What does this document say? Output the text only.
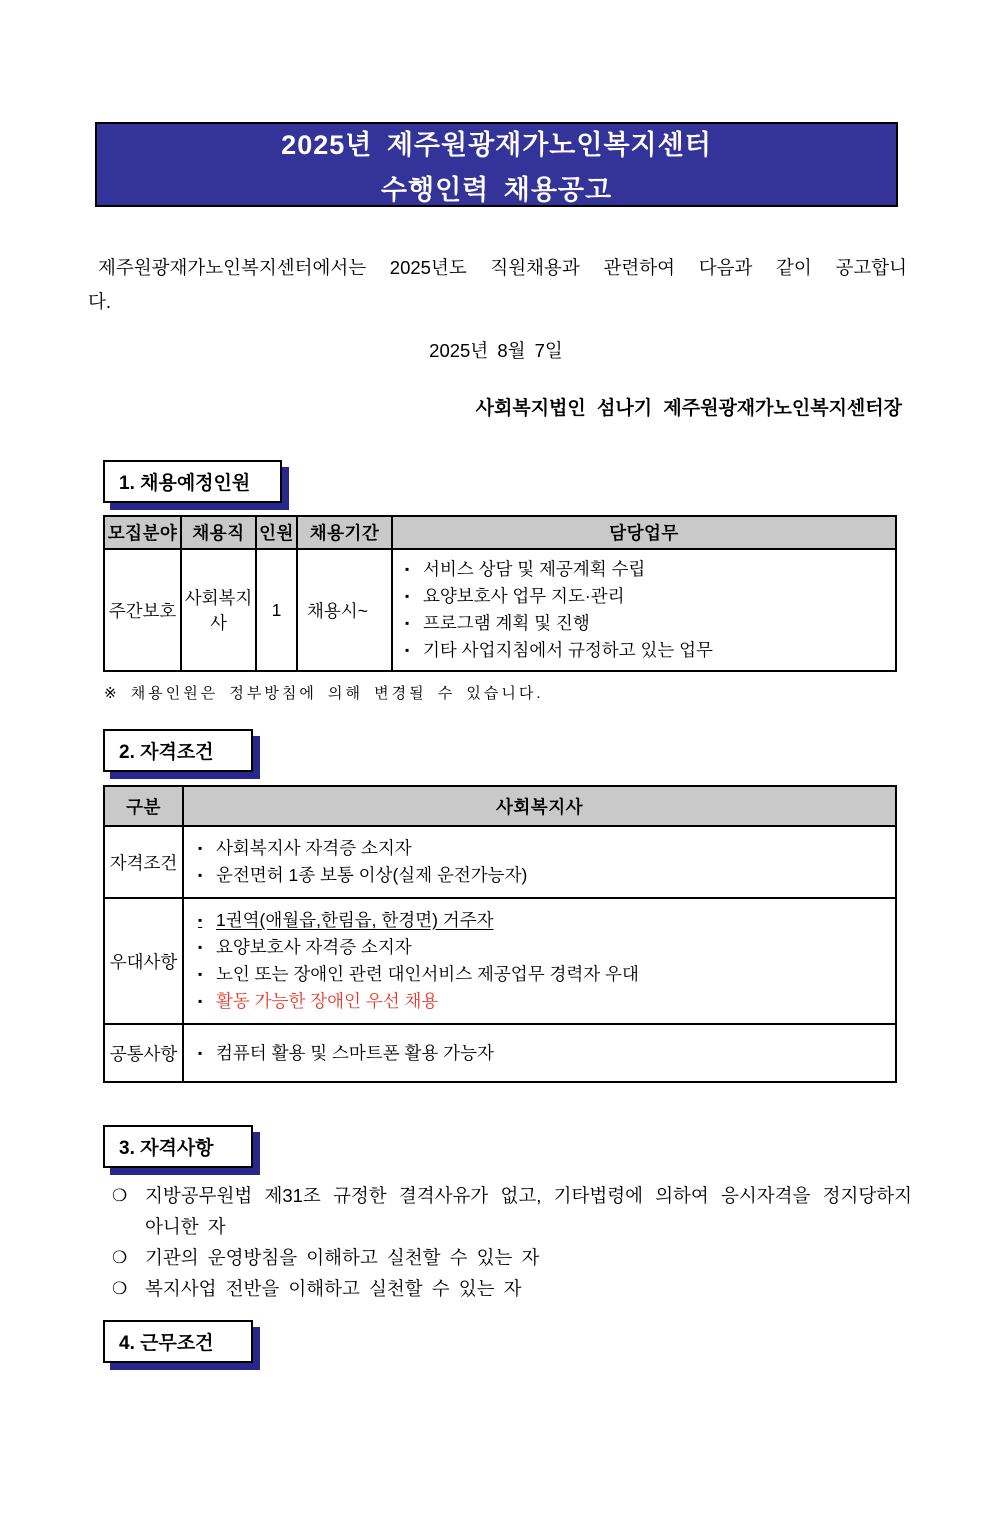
2025년 제주원광재가노인복지센터
수행인력 채용공고
제주원광재가노인복지센터에서는 2025년도 직원채용과 관련하여 다음과 같이 공고합니
다.
2025년 8월 7일
사회복지법인 섬나기 제주원광재가노인복지센터장
1. 채용예정인원
모집분야	채용직	인원	채용기간	담당업무
주간보호	사회복지사	1	채용시~	
▪ 서비스 상담 및 제공계획 수립
▪ 요양보호사 업무 지도·관리
▪ 프로그램 계획 및 진행
▪ 기타 사업지침에서 규정하고 있는 업무
※ 채용인원은 정부방침에 의해 변경될 수 있습니다.
2. 자격조건
구분	사회복지사
자격조건	▪ 사회복지사 자격증 소지자
▪ 운전면허 1종 보통 이상(실제 운전가능자)

우대사항	
▪ 1권역(애월읍,한림읍, 한경면) 거주자
▪ 요양보호사 자격증 소지자
▪ 노인 또는 장애인 관련 대인서비스 제공업무 경력자 우대
▪ 활동 가능한 장애인 우선 채용

공통사항	▪ 컴퓨터 활용 및 스마트폰 활용 가능자
3. 자격사항
❍ 지방공무원법 제31조 규정한 결격사유가 없고, 기타법령에 의하여 응시자격을 정지당하지 아니한 자
❍ 기관의 운영방침을 이해하고 실천할 수 있는 자
❍ 복지사업 전반을 이해하고 실천할 수 있는 자
4. 근무조건
